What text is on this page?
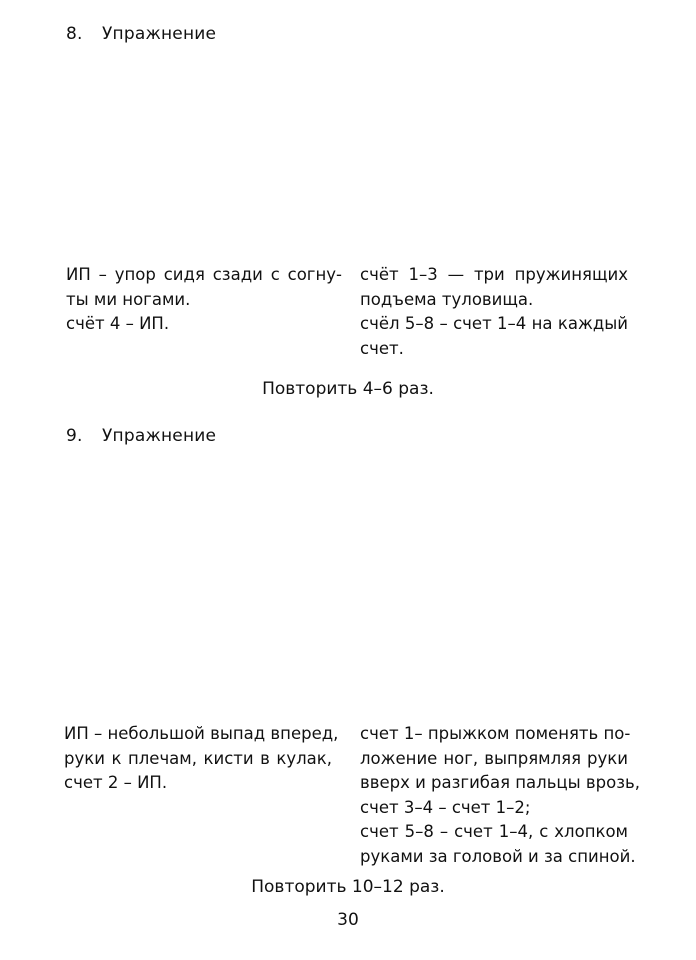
8. Упражнение
ИП – упор сидя сзади с согну-
ты ми ногами.
счёт 4 – ИП.
счёт 1–3 — три пружинящих
подъема туловища.
счёл 5–8 – счет 1–4 на каждый
счет.
Повторить 4–6 раз.
9. Упражнение
ИП – небольшой выпад вперед,
руки к плечам, кисти в кулак,
счет 2 – ИП.
счет 1– прыжком поменять по-
ложение ног, выпрямляя руки
вверх и разгибая пальцы врозь,
счет 3–4 – счет 1–2;
счет 5–8 – счет 1–4, с хлопком
руками за головой и за спиной.
Повторить 10–12 раз.
30
